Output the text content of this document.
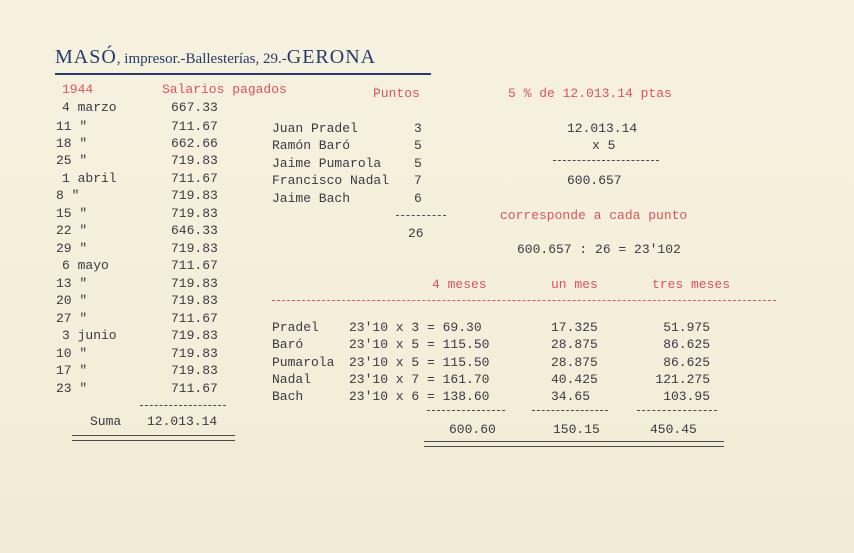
MASÓ, impresor.-Ballesterías, 29.-GERONA
1944	Salarios pagados
4 marzo	667.33
11 "	711.67
18 "	662.66
25 "	719.83
1 abril	711.67
8 "	719.83
15 "	719.83
22 "	646.33
29 "	719.83
6 mayo	711.67
13 "	719.83
20 "	719.83
27 "	711.67
3 junio	719.83
10 "	719.83
17 "	719.83
23 "	711.67
Suma 12.013.14
Puntos
Juan Pradel	3
Ramón Baró	5
Jaime Pumarola	5
Francisco Nadal 7
Jaime Bach	6
26
5 % de 12.013.14 ptas
12.013.14
x 5
600.657
corresponde a cada punto
600.657 : 26 = 23'102
4 meses	un mes	tres meses
Pradel 23'10 x 3 = 69.30	17.325	51.975
Baró	23'10 x 5 = 115.50	28.875	86.625
Pumarola 23'10 x 5 = 115.50	28.875	86.625
Nadal	23'10 x 7 = 161.70	40.425	121.275
Bach	23'10 x 6 = 138.60	34.65	103.95
600.60	150.15	450.45
